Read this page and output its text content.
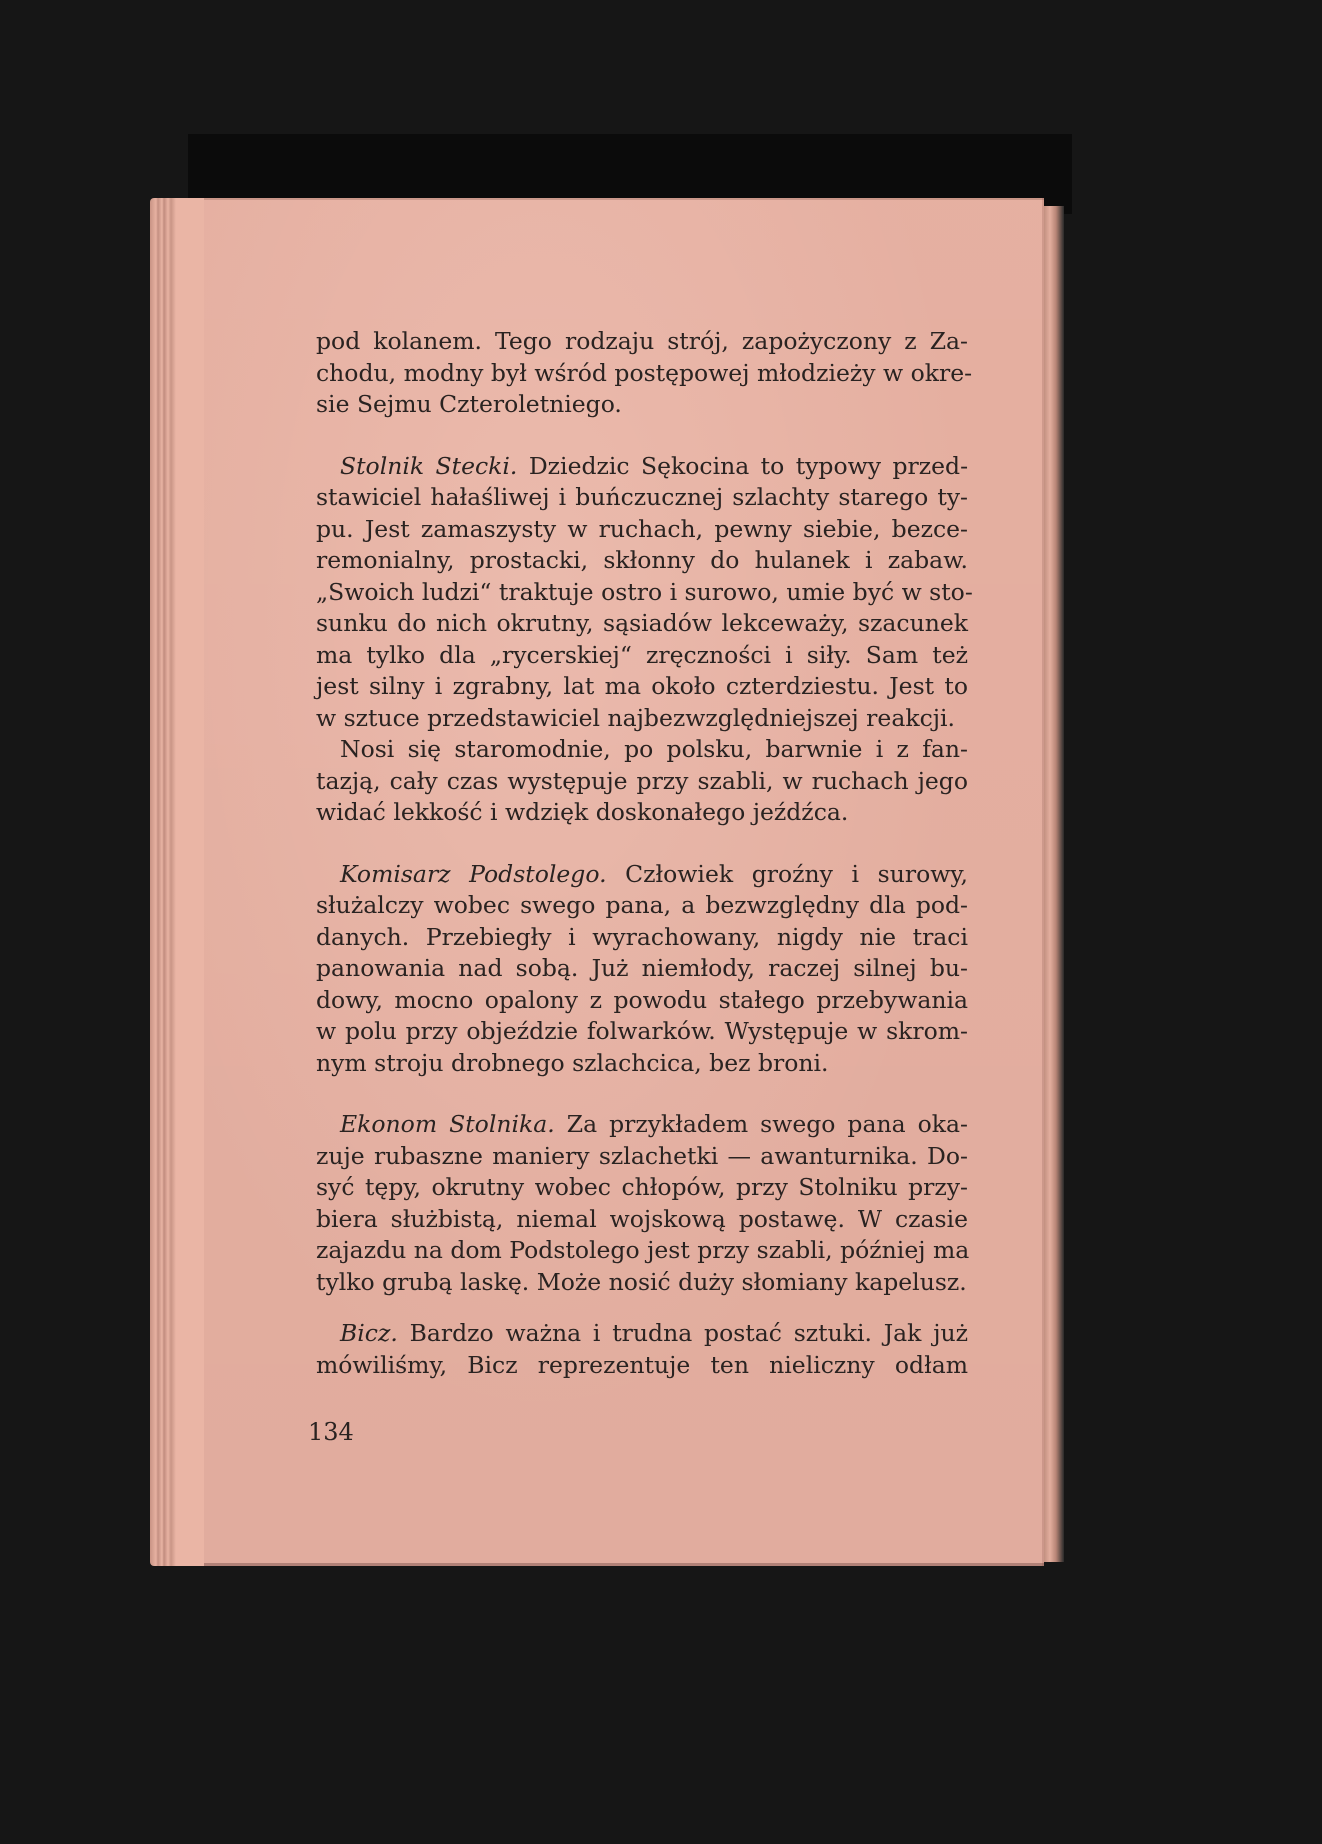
pod kolanem. Tego rodzaju strój, zapożyczony z Za-
chodu, modny był wśród postępowej młodzieży w okre-
sie Sejmu Czteroletniego.
Stolnik Stecki. Dziedzic Sękocina to typowy przed-
stawiciel hałaśliwej i buńczucznej szlachty starego ty-
pu. Jest zamaszysty w ruchach, pewny siebie, bezce-
remonialny, prostacki, skłonny do hulanek i zabaw.
„Swoich ludzi“ traktuje ostro i surowo, umie być w sto-
sunku do nich okrutny, sąsiadów lekceważy, szacunek
ma tylko dla „rycerskiej“ zręczności i siły. Sam też
jest silny i zgrabny, lat ma około czterdziestu. Jest to
w sztuce przedstawiciel najbezwzględniejszej reakcji.
Nosi się staromodnie, po polsku, barwnie i z fan-
tazją, cały czas występuje przy szabli, w ruchach jego
widać lekkość i wdzięk doskonałego jeźdźca.
Komisarz Podstolego. Człowiek groźny i surowy,
służalczy wobec swego pana, a bezwzględny dla pod-
danych. Przebiegły i wyrachowany, nigdy nie traci
panowania nad sobą. Już niemłody, raczej silnej bu-
dowy, mocno opalony z powodu stałego przebywania
w polu przy objeździe folwarków. Występuje w skrom-
nym stroju drobnego szlachcica, bez broni.
Ekonom Stolnika. Za przykładem swego pana oka-
zuje rubaszne maniery szlachetki — awanturnika. Do-
syć tępy, okrutny wobec chłopów, przy Stolniku przy-
biera służbistą, niemal wojskową postawę. W czasie
zajazdu na dom Podstolego jest przy szabli, później ma
tylko grubą laskę. Może nosić duży słomiany kapelusz.
Bicz. Bardzo ważna i trudna postać sztuki. Jak już
mówiliśmy, Bicz reprezentuje ten nieliczny odłam
134
